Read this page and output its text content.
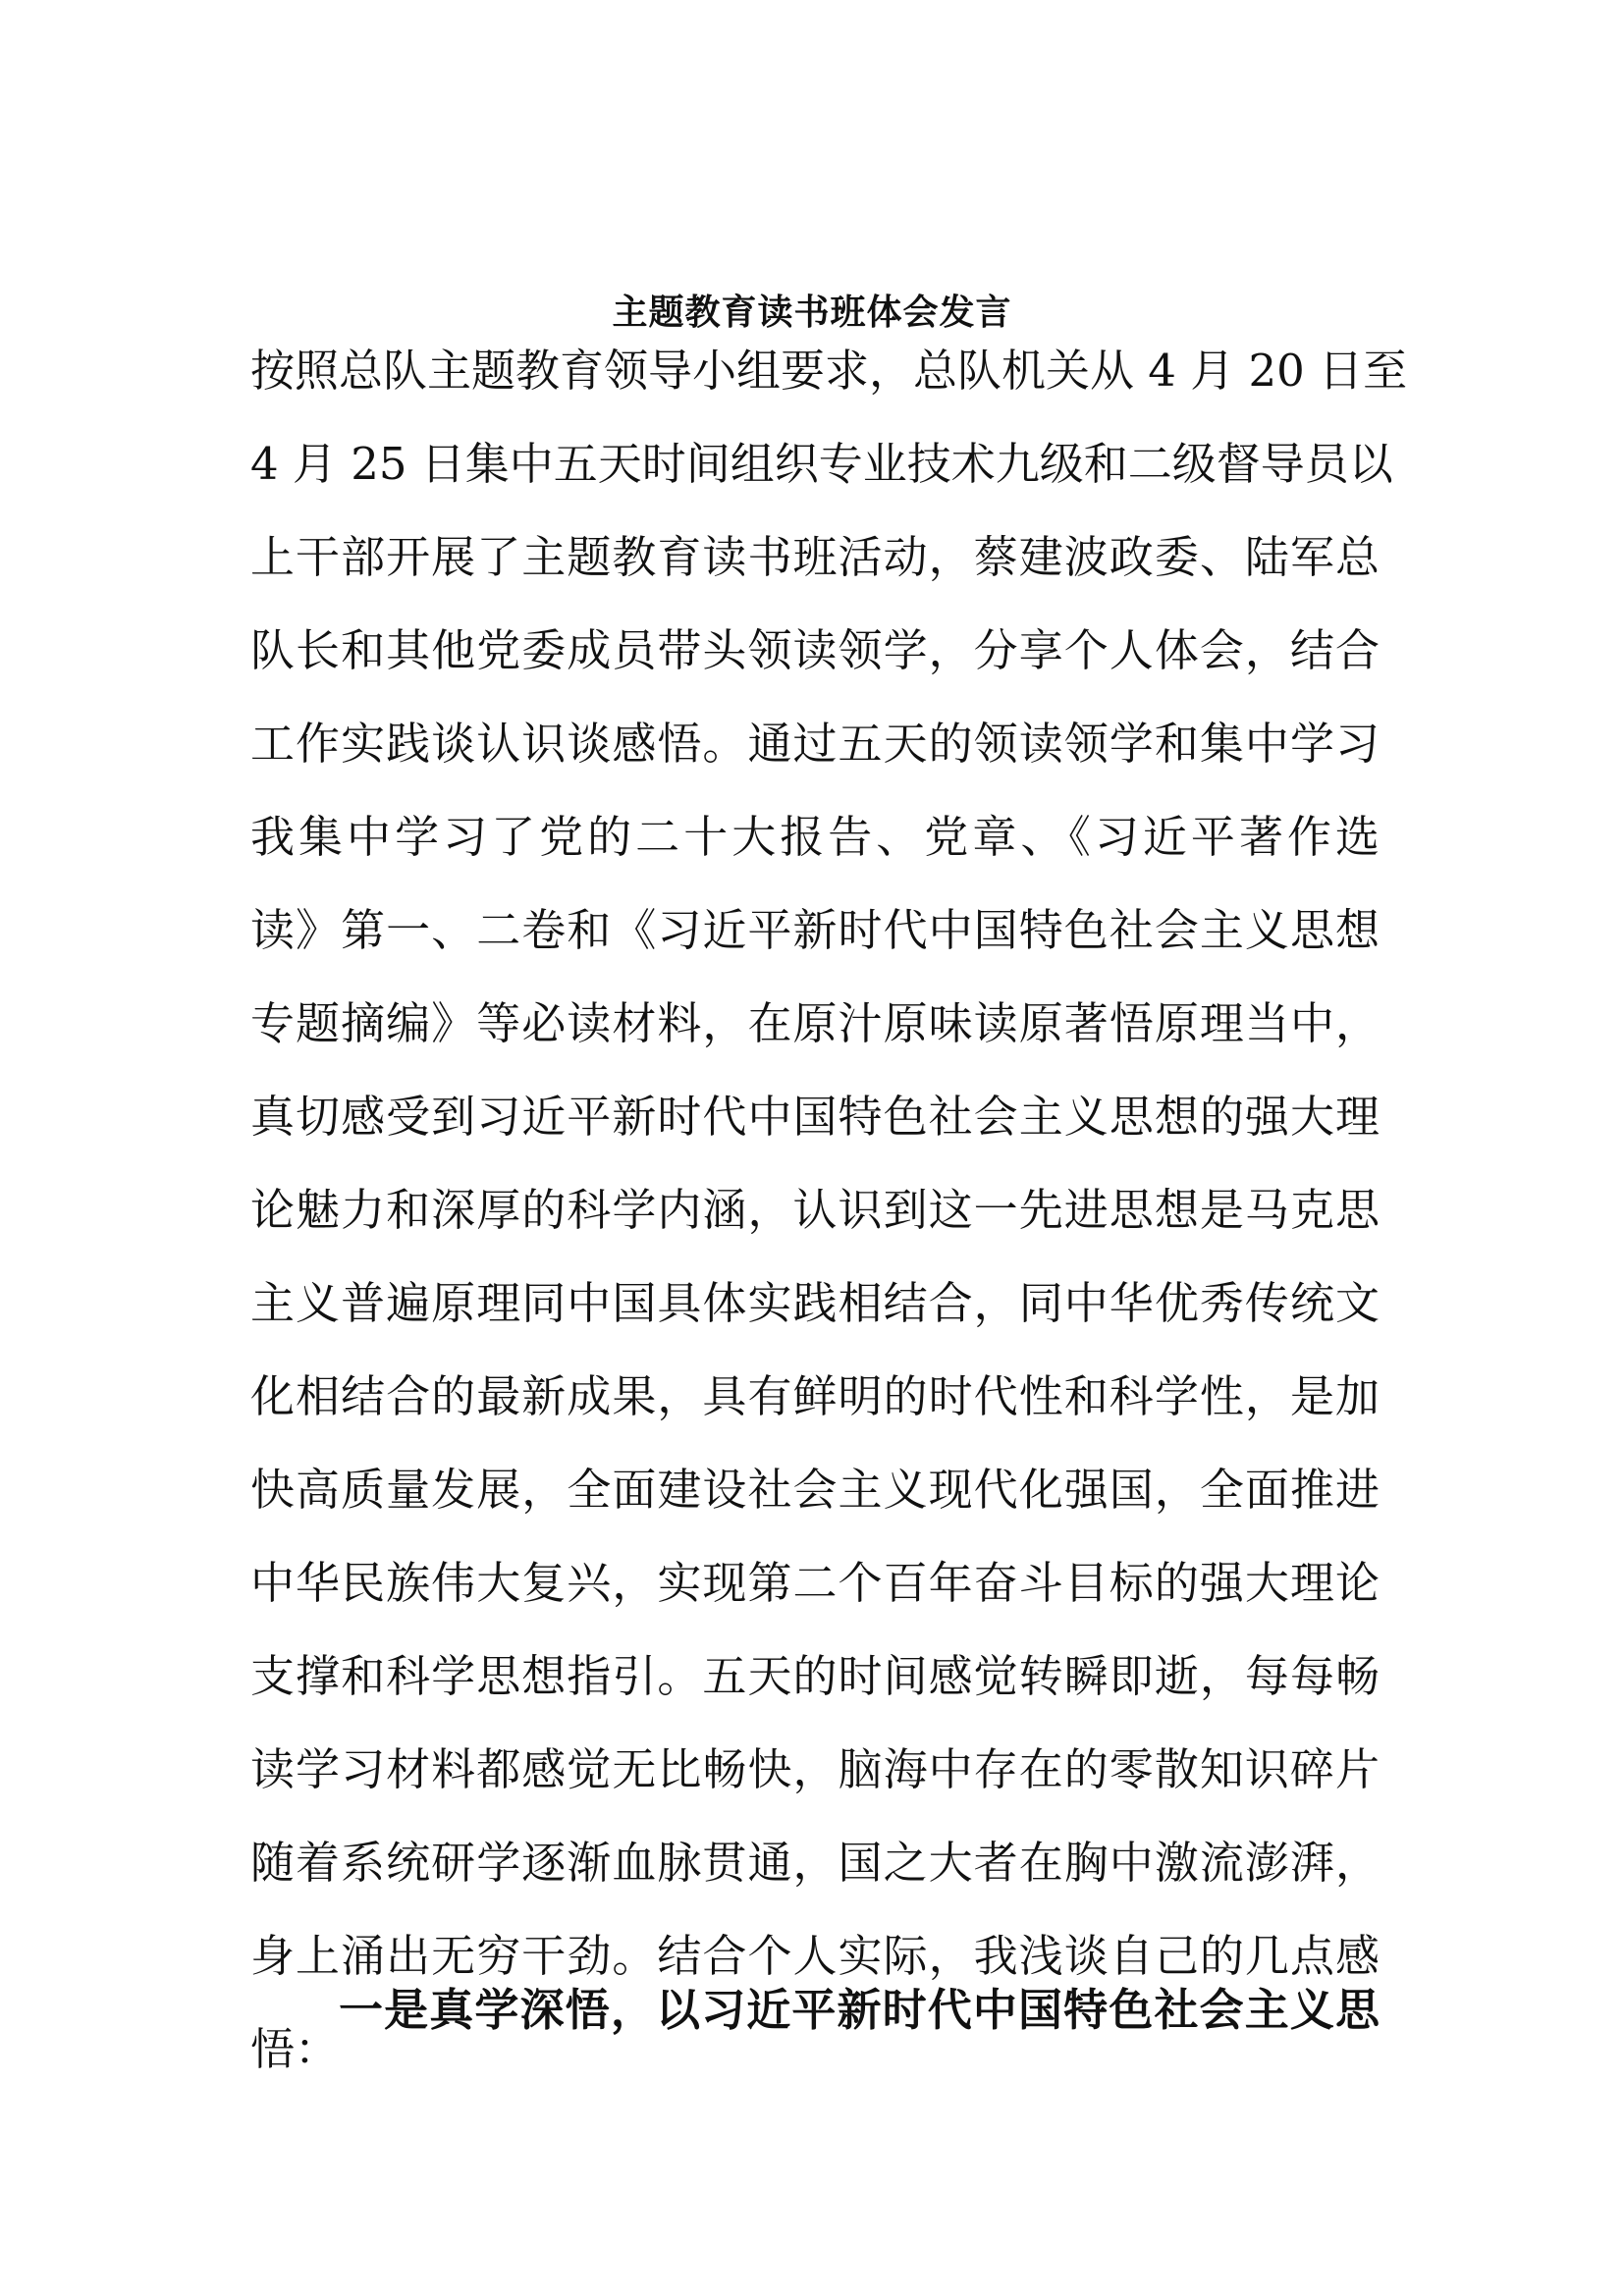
主题教育读书班体会发言
按照总队主题教育领导小组要求，总队机关从 4 月 20 日至
4 月 25 日集中五天时间组织专业技术九级和二级督导员以
上干部开展了主题教育读书班活动，蔡建波政委、陆军总
队长和其他党委成员带头领读领学，分享个人体会，结合
工作实践谈认识谈感悟。通过五天的领读领学和集中学习
我集中学习了党的二十大报告、党章、《习近平著作选
读》第一、二卷和《习近平新时代中国特色社会主义思想
专题摘编》等必读材料，在原汁原味读原著悟原理当中，
真切感受到习近平新时代中国特色社会主义思想的强大理
论魅力和深厚的科学内涵，认识到这一先进思想是马克思
主义普遍原理同中国具体实践相结合，同中华优秀传统文
化相结合的最新成果，具有鲜明的时代性和科学性，是加
快高质量发展，全面建设社会主义现代化强国，全面推进
中华民族伟大复兴，实现第二个百年奋斗目标的强大理论
支撑和科学思想指引。五天的时间感觉转瞬即逝，每每畅
读学习材料都感觉无比畅快，脑海中存在的零散知识碎片
随着系统研学逐渐血脉贯通，国之大者在胸中激流澎湃，
身上涌出无穷干劲。结合个人实际，我浅谈自己的几点感
悟：
一是真学深悟，以习近平新时代中国特色社会主义思
